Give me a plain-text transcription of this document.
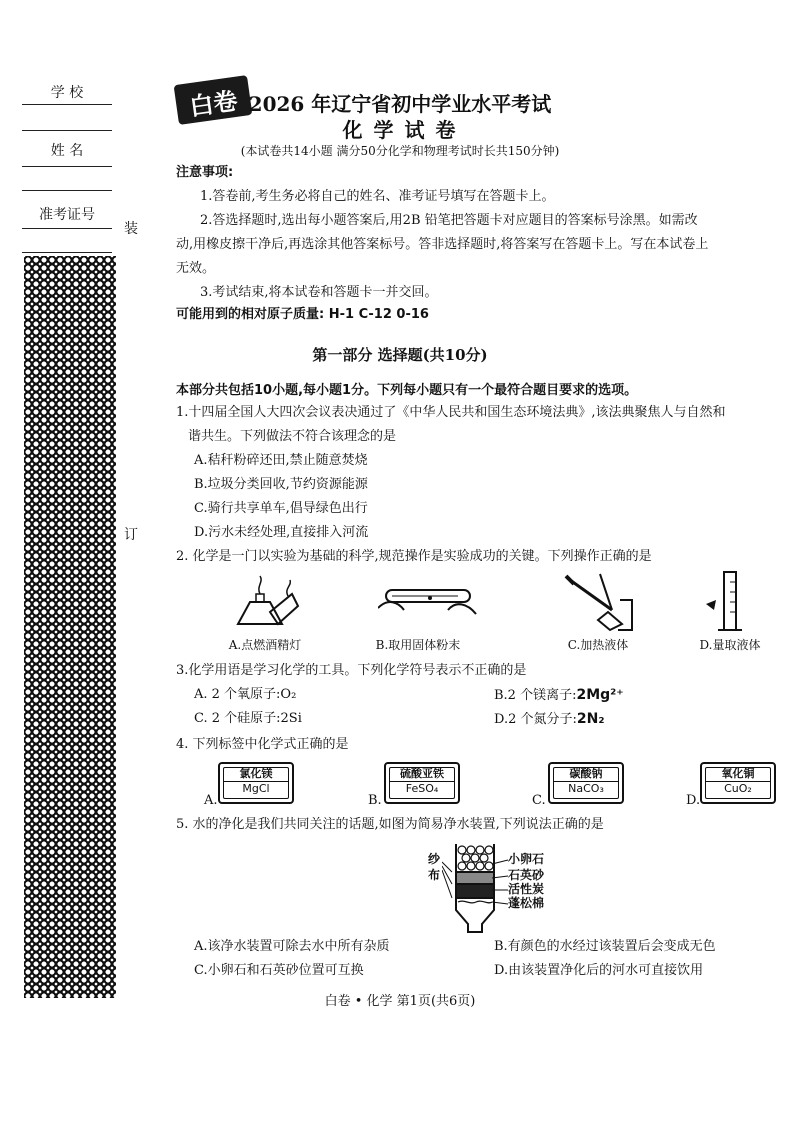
学 校
姓 名
准考证号
装
订
白卷 2026 年辽宁省初中学业水平考试
化 学 试 卷
(本试卷共14小题 满分50分化学和物理考试时长共150分钟)
注意事项:
1.答卷前,考生务必将自己的姓名、准考证号填写在答题卡上。
2.答选择题时,选出每小题答案后,用2B 铅笔把答题卡对应题目的答案标号涂黑。如需改
动,用橡皮擦干净后,再选涂其他答案标号。答非选择题时,将答案写在答题卡上。写在本试卷上
无效。
3.考试结束,将本试卷和答题卡一并交回。
可能用到的相对原子质量: H-1 C-12 0-16
第一部分 选择题(共10分)
本部分共包括10小题,每小题1分。下列每小题只有一个最符合题目要求的选项。
1.十四届全国人大四次会议表决通过了《中华人民共和国生态环境法典》,该法典聚焦人与自然和
谐共生。下列做法不符合该理念的是
A.秸秆粉碎还田,禁止随意焚烧
B.垃圾分类回收,节约资源能源
C.骑行共享单车,倡导绿色出行
D.污水未经处理,直接排入河流
2. 化学是一门以实验为基础的科学,规范操作是实验成功的关键。下列操作正确的是
A.点燃酒精灯	B.取用固体粉末	C.加热液体	D.量取液体
3.化学用语是学习化学的工具。下列化学符号表示不正确的是
A. 2 个氧原子:O₂	B.2 个镁离子:2Mg²⁺
C. 2 个硅原子:2Si	D.2 个氮分子:2N₂
4. 下列标签中化学式正确的是
A.
氯化镁
MgCl
B.
硫酸亚铁
FeSO₄
C.
碳酸钠
NaCO₃
D.
氧化铜
CuO₂
5. 水的净化是我们共同关注的话题,如图为简易净水装置,下列说法正确的是
纱
布
小卵石
石英砂
活性炭
蓬松棉
A.该净水装置可除去水中所有杂质	B.有颜色的水经过该装置后会变成无色
C.小卵石和石英砂位置可互换	D.由该装置净化后的河水可直接饮用
白卷 • 化学 第1页(共6页)
